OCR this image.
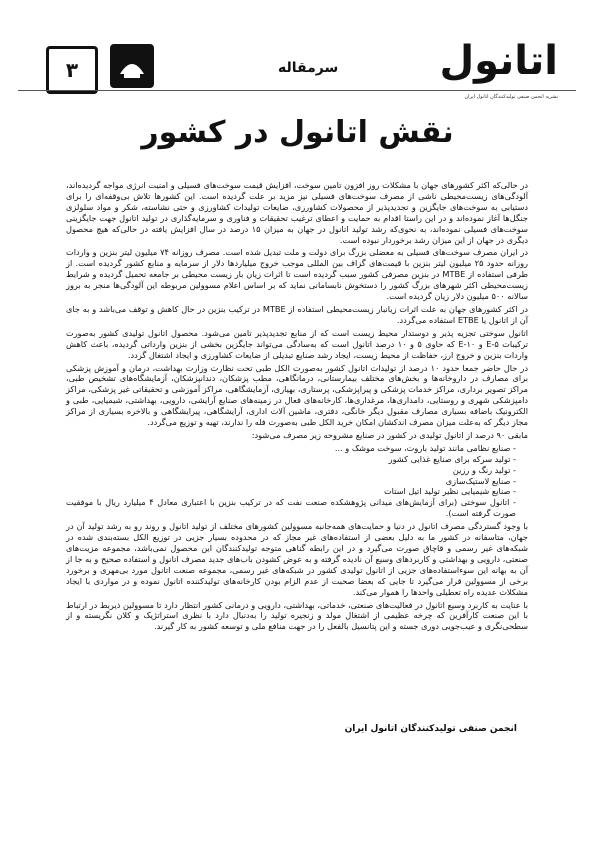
۳	سرمقاله	اتانول
نشریه انجمن صنفی تولیدکنندگان اتانول ایران
نقش اتانول در کشور

در حالی‌که اکثر کشورهای جهان با مشکلات روز افزون تامین سوخت، افزایش قیمت سوخت‌های فسیلی و امنیت انرژی مواجه گردیده‌اند، آلودگی‌های زیست‌محیطی ناشی از مصرف سوخت‌های فسیلی نیز مزید بر علت گردیده است. این کشورها تلاش بی‌وقفه‌ای را برای دستیابی به سوخت‌های جایگزین و تجدیدپذیر از محصولات کشاورزی، ضایعات تولیدات کشاورزی و حتی نشاسته، شکر و مواد سلولزی جنگل‌ها آغاز نموده‌اند و در این راستا اقدام به حمایت و اعطای ترغیب تحقیقات و فناوری و سرمایه‌گذاری در تولید اتانول جهت جایگزینی سوخت‌های فسیلی نموده‌اند، به نحوی‌که رشد تولید اتانول در جهان به میزان ۱۵ درصد در سال افزایش یافته در حالی‌که هیچ محصول دیگری در جهان از این میزان رشد برخوردار نبوده است.

در ایران مصرف سوخت‌های فسیلی به معضلی بزرگ برای دولت و ملت تبدیل شده است. مصرف روزانه ۷۴ میلیون لیتر بنزین و واردات روزانه حدود ۲۵ میلیون لیتر بنزین با قیمت‌های گزاف بین المللی موجب خروج میلیاردها دلار از سرمایه و منابع کشور گردیده است. از طرفی استفاده از MTBE در بنزین مصرفی کشور سبب گردیده است تا اثرات زیان بار زیست محیطی بر جامعه تحمیل گردیده و شرایط زیست‌محیطی اکثر شهرهای بزرگ کشور را دستخوش نابسامانی نماید که بر اساس اعلام مسوولین مربوطه این آلودگی‌ها منجر به بروز سالانه ۵۰۰ میلیون دلار زیان گردیده است.

در اکثر کشورهای جهان به علت اثرات زیانبار زیست‌محیطی استفاده از MTBE در ترکیب بنزین در حال کاهش و توقف می‌باشد و به جای آن از اتانول یا ETBE استفاده می‌گردد.

اتانول سوختی تجزیه پذیر و دوستدار محیط زیست است که از منابع تجدیدپذیر تامین می‌شود. محصول اتانول تولیدی کشور به‌صورت ترکیبات E-۵ و E-۱۰ که حاوی ۵ و ۱۰ درصد اتانول است که به‌سادگی می‌تواند جایگزین بخشی از بنزین وارداتی گردیده، باعث کاهش واردات بنزین و خروج ارز، حفاظت از محیط زیست، ایجاد رشد صنایع تبدیلی از ضایعات کشاورزی و ایجاد اشتغال گردد.

در حال حاضر جمعا حدود ۱۰ درصد از تولیدات اتانول کشور به‌صورت الکل طبی تحت نظارت وزارت بهداشت، درمان و آموزش پزشکی برای مصارف در داروخانه‌ها و بخش‌های مختلف بیمارستانی، درمانگاهی، مطب پزشکان، دندانپزشکان، آزمایشگاه‌های تشخیص طبی، مراکز تصویر برداری، مراکز خدمات پزشکی و پیراپزشکی، پرستاری، بهیاری، آزمایشگاهی، مراکز آموزشی و تحقیقاتی غیر پزشکی، مراکز دامپزشکی شهری و روستایی، دامداری‌ها، مرغداری‌ها، کارخانه‌های فعال در زمینه‌های صنایع آرایشی، دارویی، بهداشتی، شیمیایی، طبی و الکترونیک باضافه بسیاری مصارف مقبول دیگر خانگی، دفتری، ماشین آلات اداری، آرایشگاهی، پیرایشگاهی و بالاخره بسیاری از مراکز مجاز دیگر که به‌علت میزان مصرف اندکشان امکان خرید الکل طبی به‌صورت فله را ندارند، تهیه و توزیع می‌گردد.

مابقی ۹۰ درصد از اتانول تولیدی در کشور در صنایع مشروحه زیر مصرف می‌شود:

- صنایع نظامی مانند تولید باروت، سوخت موشک و ...
- تولید سرکه برای صنایع غذایی کشور
- تولید رنگ و رزین
- صنایع لاستیک‌سازی
- صنایع شیمیایی نظیر تولید اتیل استات
- اتانول سوختی (برای آزمایش‌های میدانی پژوهشکده صنعت نفت که در ترکیب بنزین با اعتباری معادل ۴ میلیارد ریال با موفقیت صورت گرفته است).

با وجود گستردگی مصرف اتانول در دنیا و حمایت‌های همه‌جانبه مسوولین کشورهای مختلف از تولید اتانول و روند رو به رشد تولید آن در جهان، متاسفانه در کشور ما به دلیل بعضی از استفاده‌های غیر مجاز که در محدوده بسیار جزیی در توزیع الکل بسته‌بندی شده در شبکه‌های غیر رسمی و قاچاق صورت می‌گیرد و در این رابطه گناهی متوجه تولیدکنندگان این محصول نمی‌باشد، مجموعه مزیت‌های صنعتی، دارویی و بهداشتی و کاربردهای وسیع آن نادیده گرفته و به عوض کشودن باب‌های جدید مصرف اتانول و استفاده صحیح و به جا از آن به بهانه این سوءاستفاده‌های جزیی از اتانول تولیدی کشور در شبکه‌های غیر رسمی، مجموعه صنعت اتانول مورد بی‌مهری و برخورد برخی از مسوولین قرار می‌گیرد تا جایی که بعضا صحبت از عدم الزام بودن کارخانه‌های تولیدکننده اتانول نموده و در مواردی با ایجاد مشکلات عدیده راه تعطیلی واحدها را هموار می‌کند.

با عنایت به کاربرد وسیع اتانول در فعالیت‌های صنعتی، خدماتی، بهداشتی، دارویی و درمانی کشور انتظار دارد تا مسوولین ذیربط در ارتباط با این صنعت کارآفرین که چرخه عظیمی از اشتغال مولد و زنجیره تولید را به‌دنبال دارد با نظری استراتژیک و کلان نگریسته و از سطحی‌نگری و عیب‌جویی دوری جسته و این پتانسیل بالفعل را در جهت منافع ملی و توسعه کشور به کار گیرند.

انجمن صنفی تولیدکنندگان اتانول ایران
